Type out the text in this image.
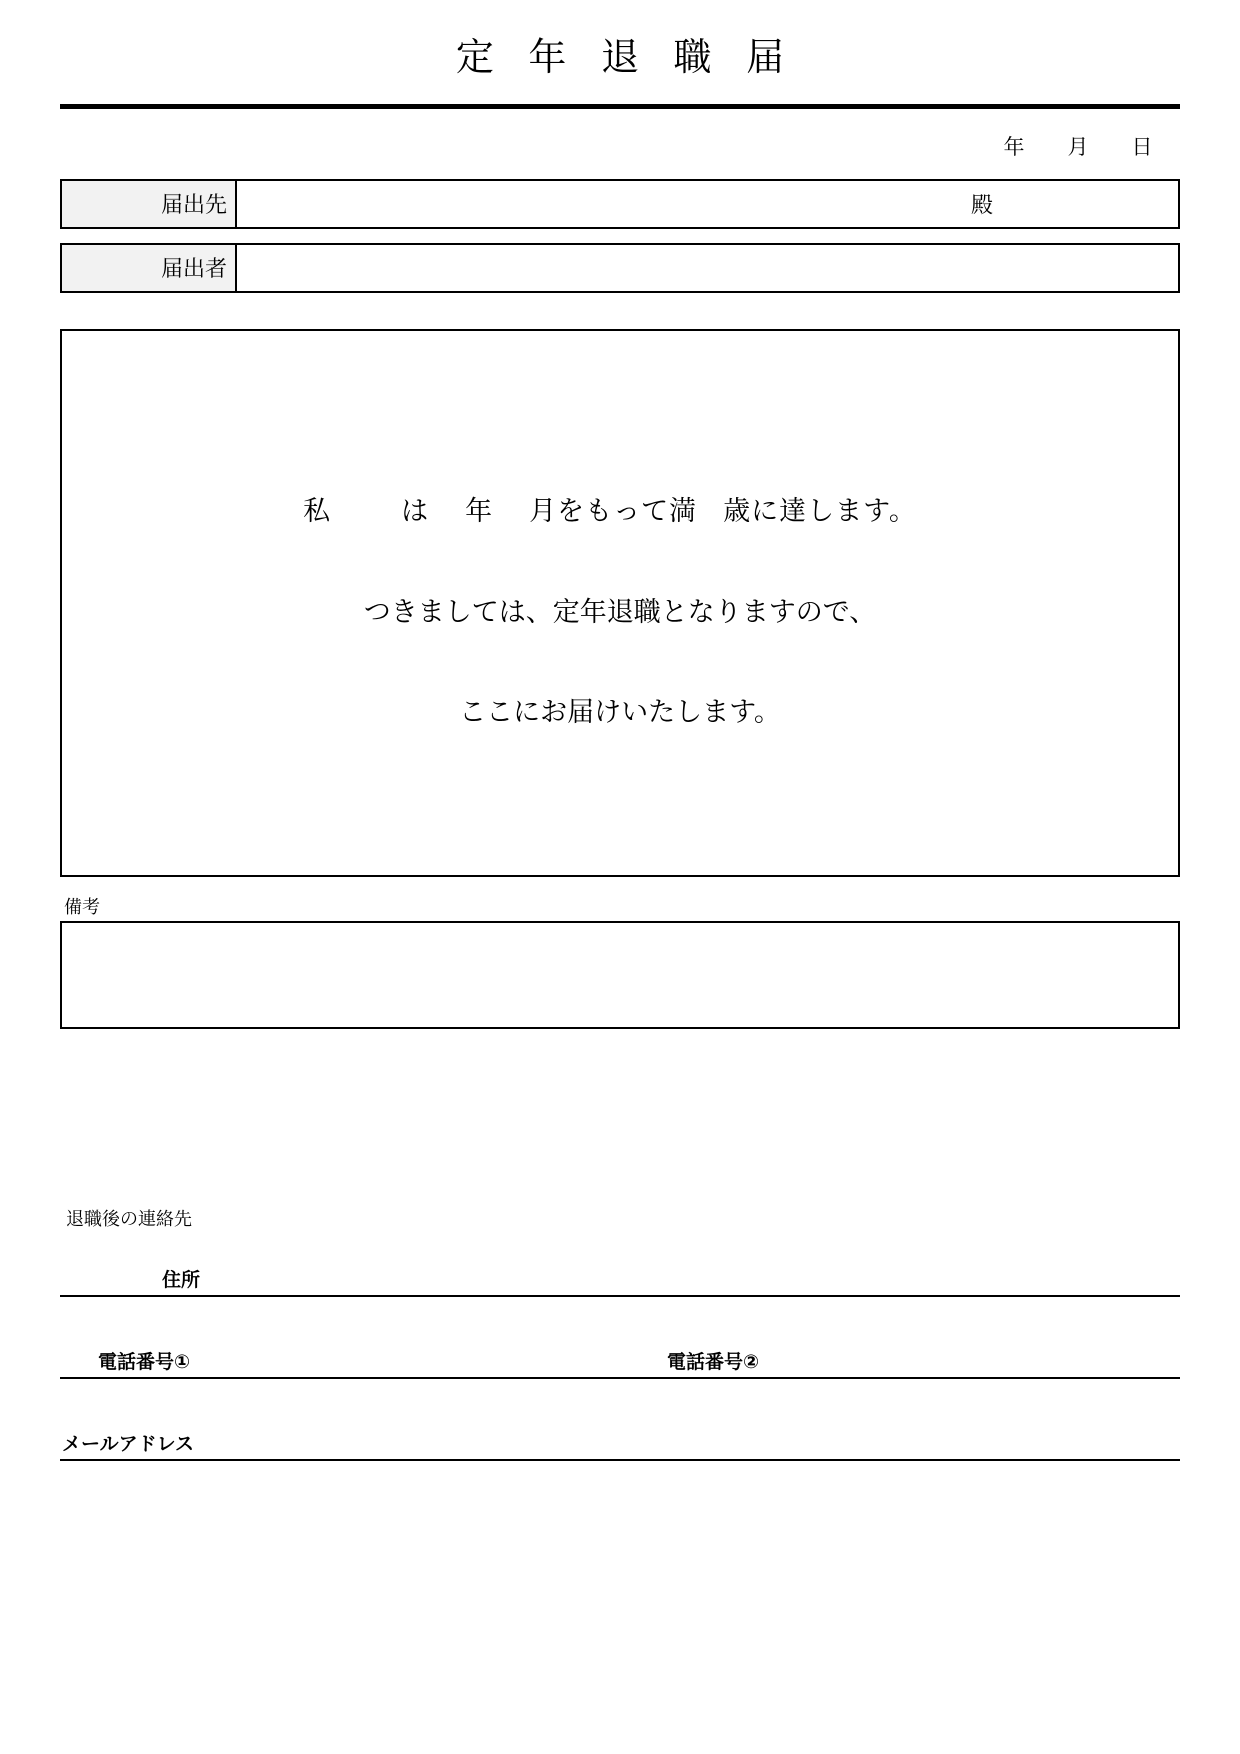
定 年 退 職 届
年	月	日
届出先	殿
届出者
私	は 年 月をもって満 歳に達します。
つきましては、定年退職となりますので、
ここにお届けいたします。
備考
退職後の連絡先
住所
電話番号①	電話番号②
メールアドレス
